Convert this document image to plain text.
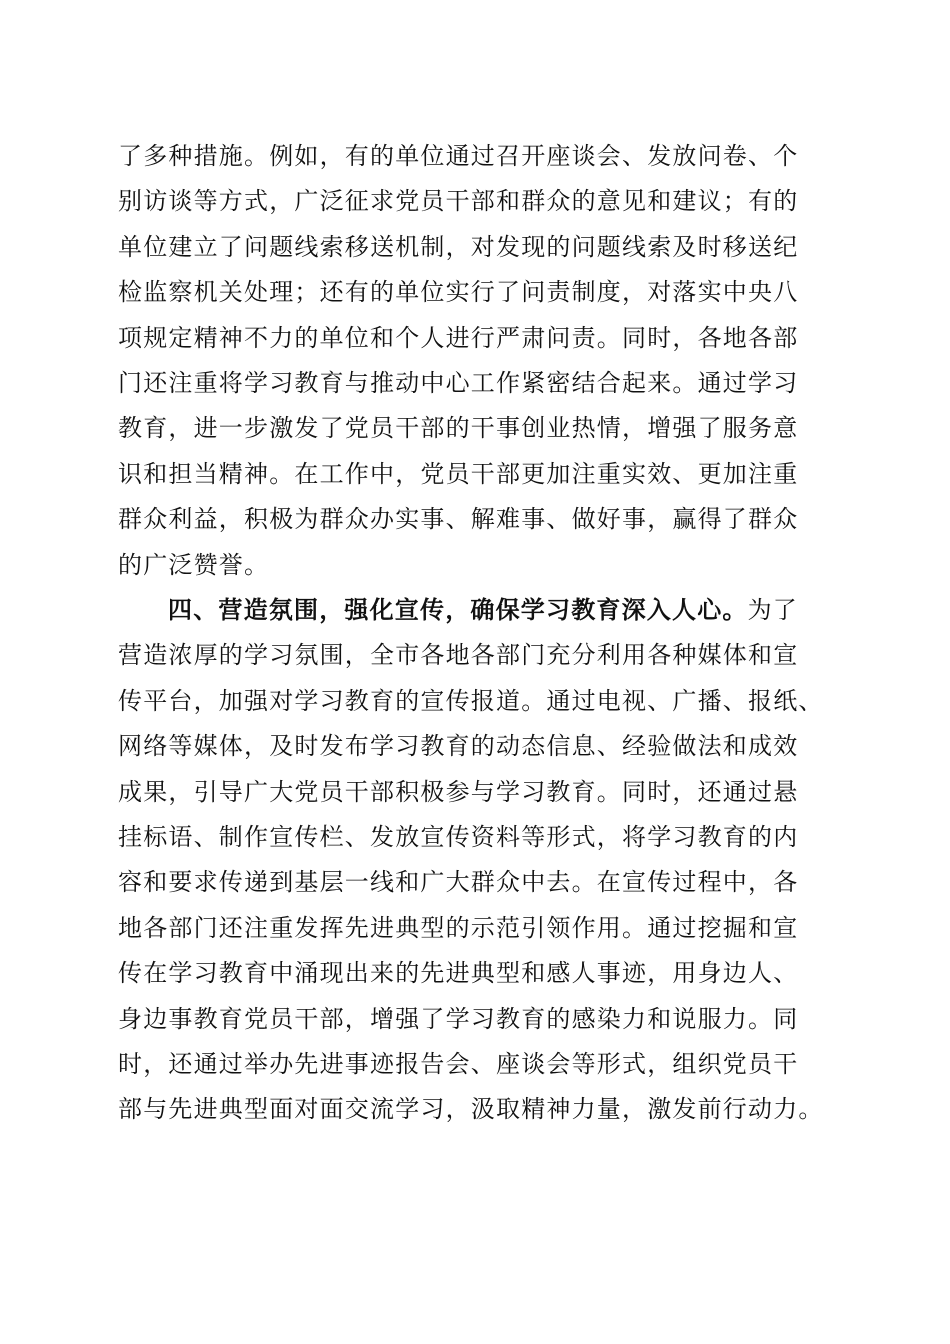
了多种措施。例如，有的单位通过召开座谈会、发放问卷、个
别访谈等方式，广泛征求党员干部和群众的意见和建议；有的
单位建立了问题线索移送机制，对发现的问题线索及时移送纪
检监察机关处理；还有的单位实行了问责制度，对落实中央八
项规定精神不力的单位和个人进行严肃问责。同时，各地各部
门还注重将学习教育与推动中心工作紧密结合起来。通过学习
教育，进一步激发了党员干部的干事创业热情，增强了服务意
识和担当精神。在工作中，党员干部更加注重实效、更加注重
群众利益，积极为群众办实事、解难事、做好事，赢得了群众
的广泛赞誉。
四、营造氛围，强化宣传，确保学习教育深入人心。为了
营造浓厚的学习氛围，全市各地各部门充分利用各种媒体和宣
传平台，加强对学习教育的宣传报道。通过电视、广播、报纸、
网络等媒体，及时发布学习教育的动态信息、经验做法和成效
成果，引导广大党员干部积极参与学习教育。同时，还通过悬
挂标语、制作宣传栏、发放宣传资料等形式，将学习教育的内
容和要求传递到基层一线和广大群众中去。在宣传过程中，各
地各部门还注重发挥先进典型的示范引领作用。通过挖掘和宣
传在学习教育中涌现出来的先进典型和感人事迹，用身边人、
身边事教育党员干部，增强了学习教育的感染力和说服力。同
时，还通过举办先进事迹报告会、座谈会等形式，组织党员干
部与先进典型面对面交流学习，汲取精神力量，激发前行动力。
